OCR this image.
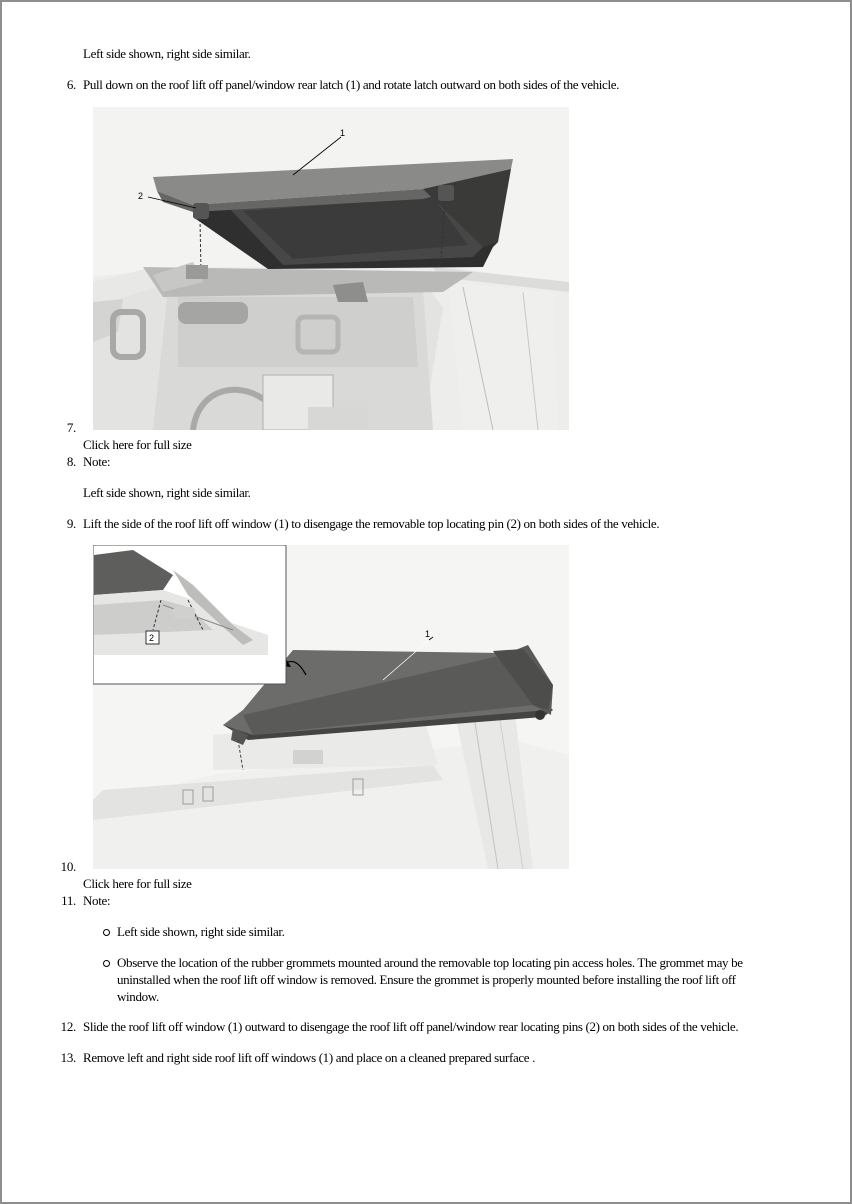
Left side shown, right side similar.
6. Pull down on the roof lift off panel/window rear latch (1) and rotate latch outward on both sides of the vehicle.
1
2
7.
Click here for full size
8. Note:
Left side shown, right side similar.
9. Lift the side of the roof lift off window (1) to disengage the removable top locating pin (2) on both sides of the vehicle.
1
2
10.
Click here for full size
11. Note:
Left side shown, right side similar.
Observe the location of the rubber grommets mounted around the removable top locating pin access holes. The grommet may be uninstalled when the roof lift off window is removed. Ensure the grommet is properly mounted before installing the roof lift off window.
12. Slide the roof lift off window (1) outward to disengage the roof lift off panel/window rear locating pins (2) on both sides of the vehicle.
13. Remove left and right side roof lift off windows (1) and place on a cleaned prepared surface .
